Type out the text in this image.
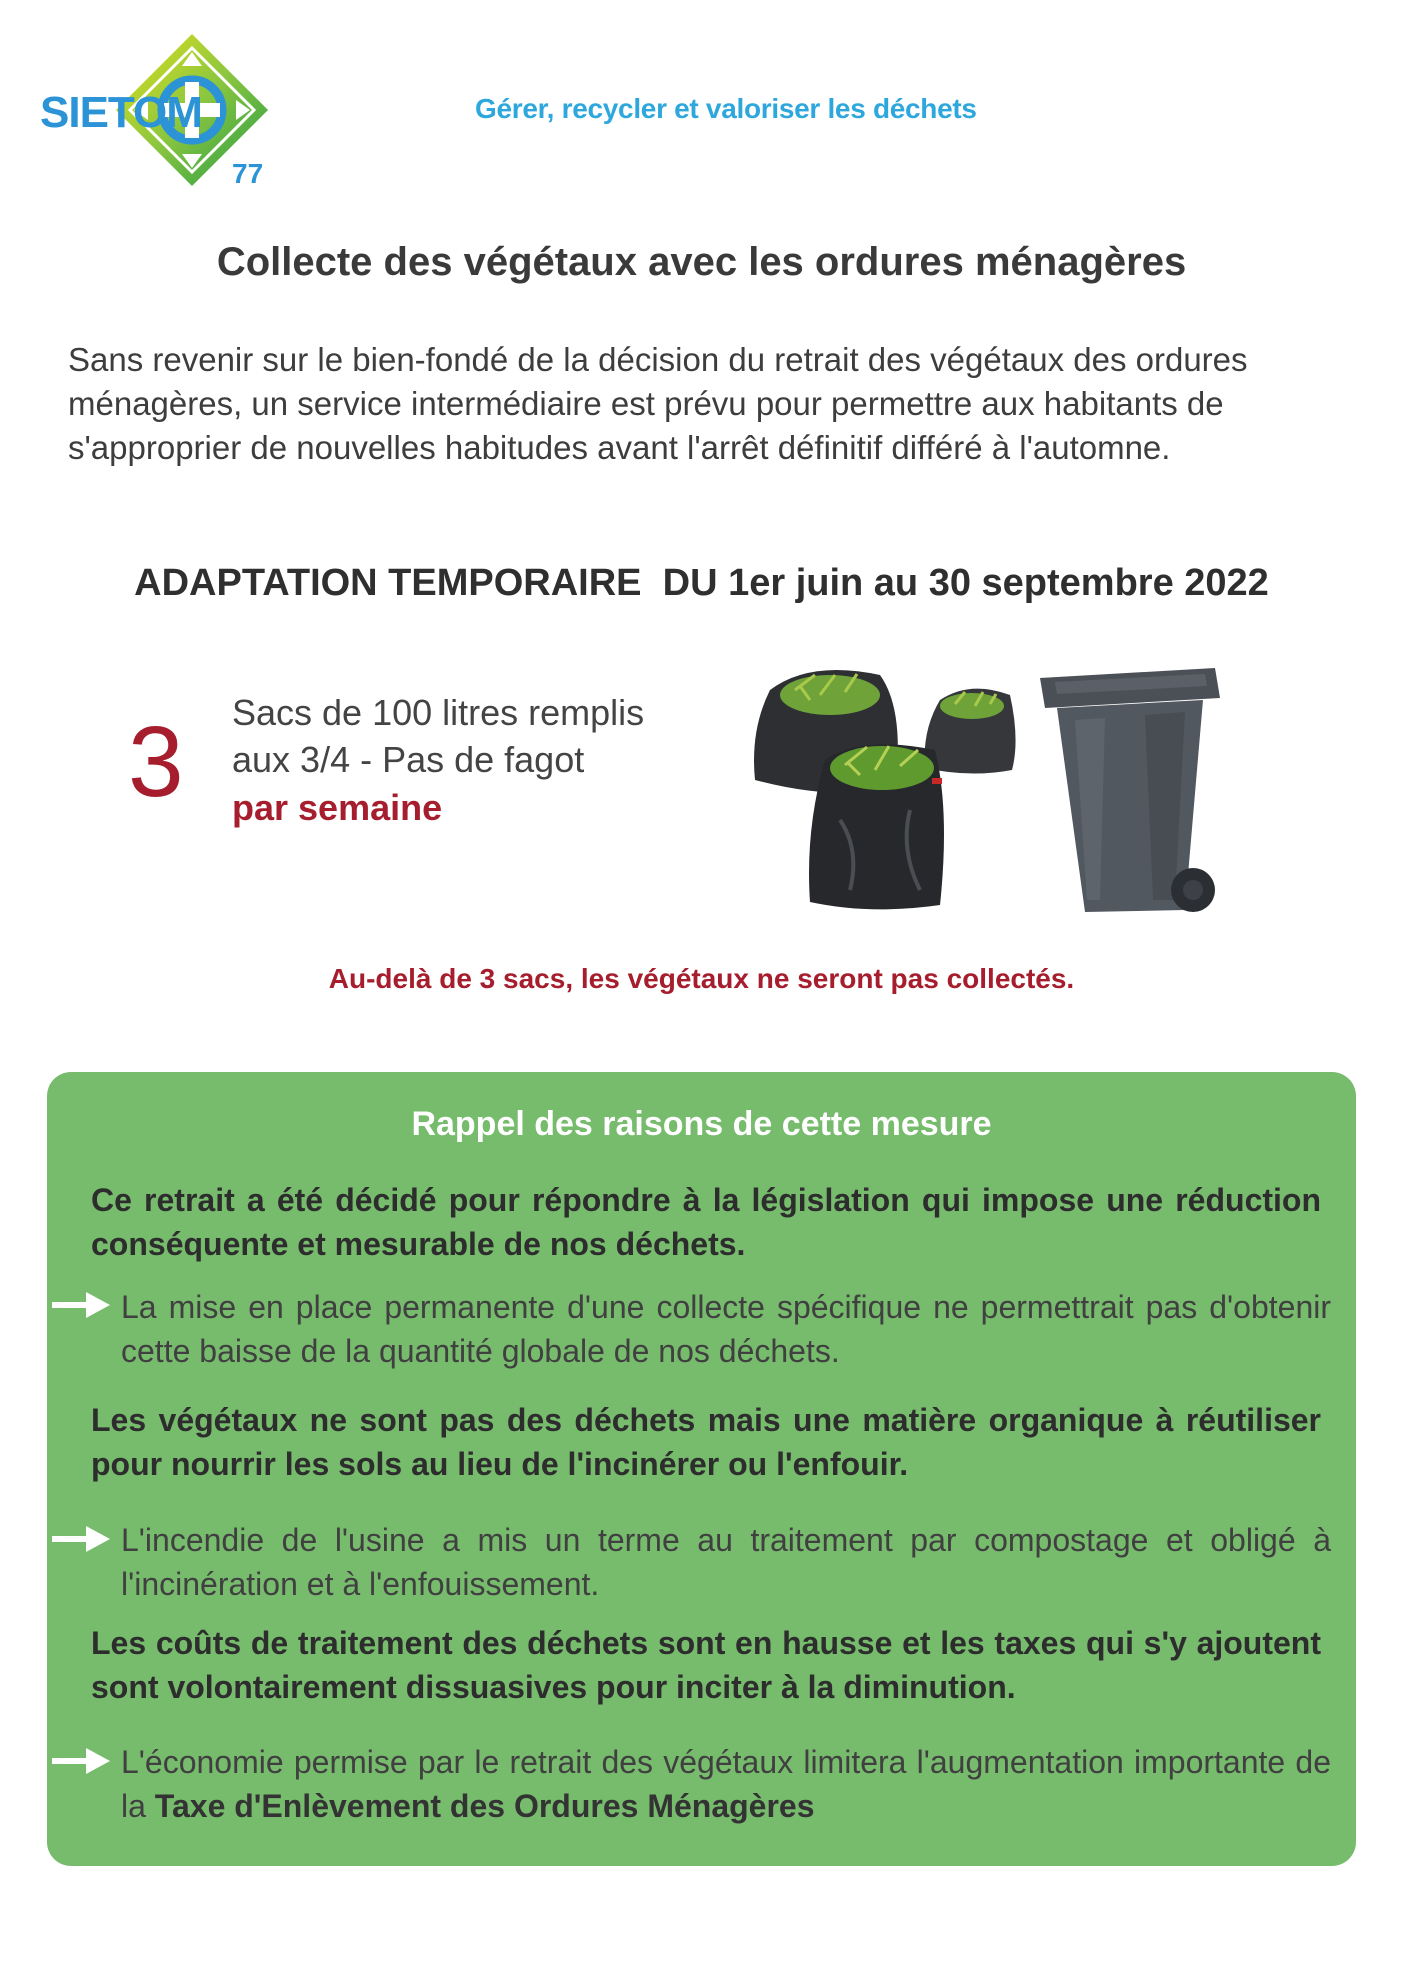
SIETOM
77
Gérer, recycler et valoriser les déchets
Collecte des végétaux avec les ordures ménagères
Sans revenir sur le bien-fondé de la décision du retrait des végétaux des ordures ménagères, un service intermédiaire est prévu pour permettre aux habitants de s'approprier de nouvelles habitudes avant l'arrêt définitif différé à l'automne.
ADAPTATION TEMPORAIRE  DU 1er juin au 30 septembre 2022
3 Sacs de 100 litres remplis
aux 3/4 - Pas de fagot
par semaine
Au-delà de 3 sacs, les végétaux ne seront pas collectés.
Rappel des raisons de cette mesure
Ce retrait a été décidé pour répondre à la législation qui impose une réduction conséquente et mesurable de nos déchets.
La mise en place permanente d'une collecte spécifique ne permettrait pas d'obtenir cette baisse de la quantité globale de nos déchets.
Les végétaux ne sont pas des déchets mais une matière organique à réutiliser pour nourrir les sols au lieu de l'incinérer ou l'enfouir.
L'incendie de l'usine a mis un terme au traitement par compostage et obligé à l'incinération et à l'enfouissement.
Les coûts de traitement des déchets sont en hausse et les taxes qui s'y ajoutent sont volontairement dissuasives pour inciter à la diminution.
L'économie permise par le retrait des végétaux limitera l'augmentation importante de la Taxe d'Enlèvement des Ordures Ménagères
